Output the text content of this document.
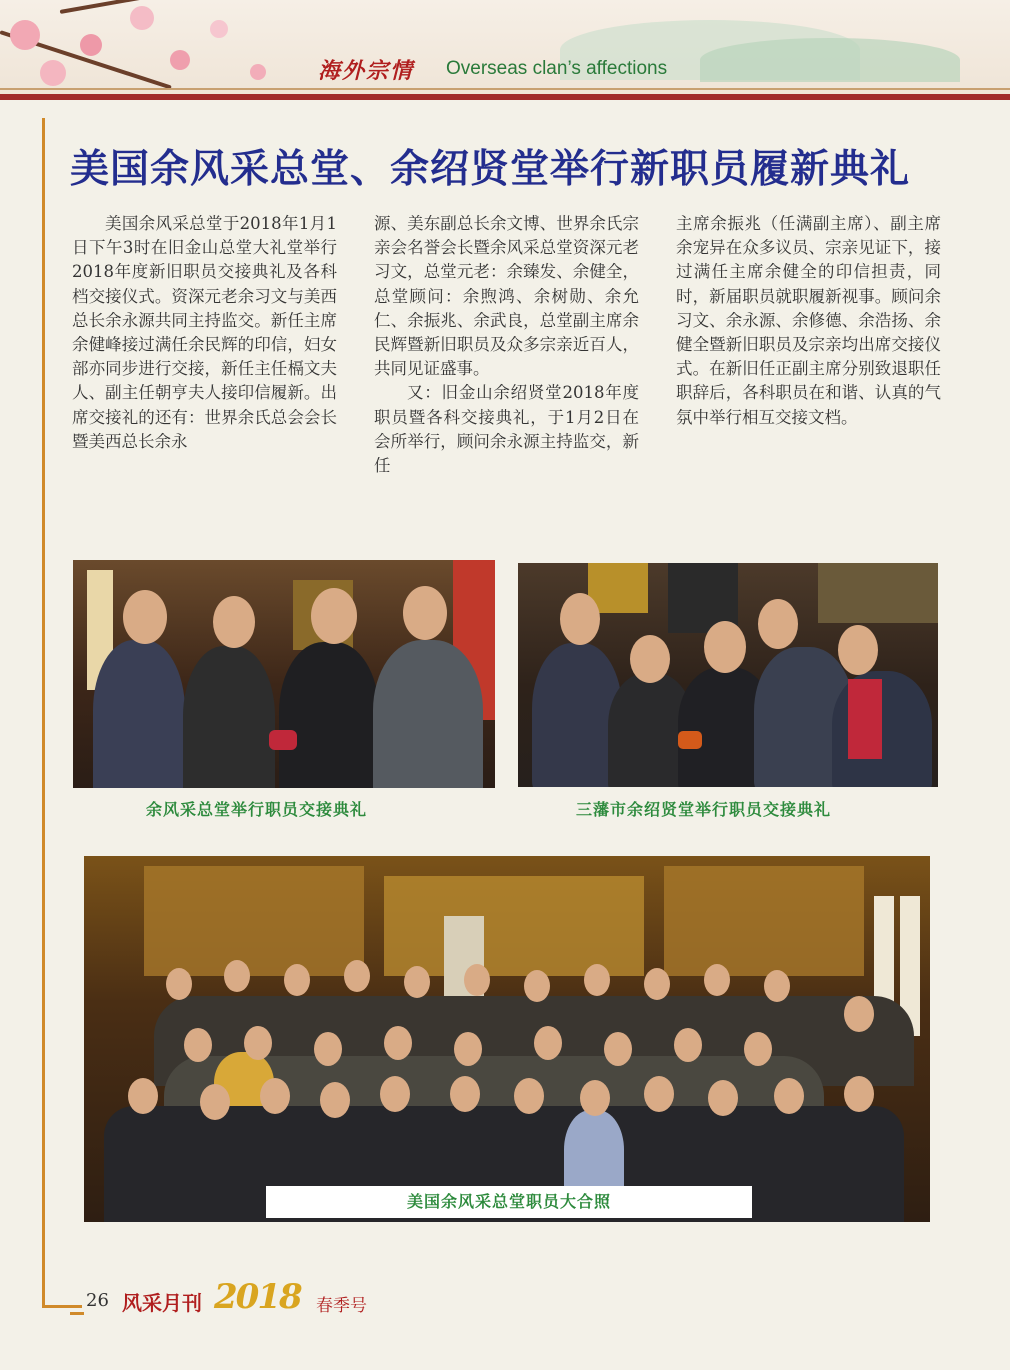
海外宗情 Overseas clan’s affections
美国余风采总堂、余绍贤堂举行新职员履新典礼

美国余风采总堂于2018年1月1日下午3时在旧金山总堂大礼堂举行2018年度新旧职员交接典礼及各科档交接仪式。资深元老余习文与美西总长余永源共同主持监交。新任主席余健峰接过满任余民辉的印信，妇女部亦同步进行交接，新任主任槅文夫人、副主任朝亨夫人接印信履新。出席交接礼的还有：世界余氏总会会长暨美西总长余永

源、美东副总长余文博、世界余氏宗亲会名誉会长暨余风采总堂资深元老习文，总堂元老：余臻发、余健全，总堂顾问：余煦鸿、余树勋、余允仁、余振兆、余武良，总堂副主席余民辉暨新旧职员及众多宗亲近百人，共同见证盛事。

又：旧金山余绍贤堂2018年度职员暨各科交接典礼，于1月2日在会所举行，顾问余永源主持监交，新任

主席余振兆（任满副主席）、副主席余宠异在众多议员、宗亲见证下，接过满任主席余健全的印信担责，同时，新届职员就职履新视事。顾问余习文、余永源、余修德、余浩扬、余健全暨新旧职员及宗亲均出席交接仪式。在新旧任正副主席分别致退职任职辞后，各科职员在和谐、认真的气氛中举行相互交接文档。

余风采总堂举行职员交接典礼	三藩市余绍贤堂举行职员交接典礼
美国余风采总堂职员大合照
26 风采月刊 2018 春季号
